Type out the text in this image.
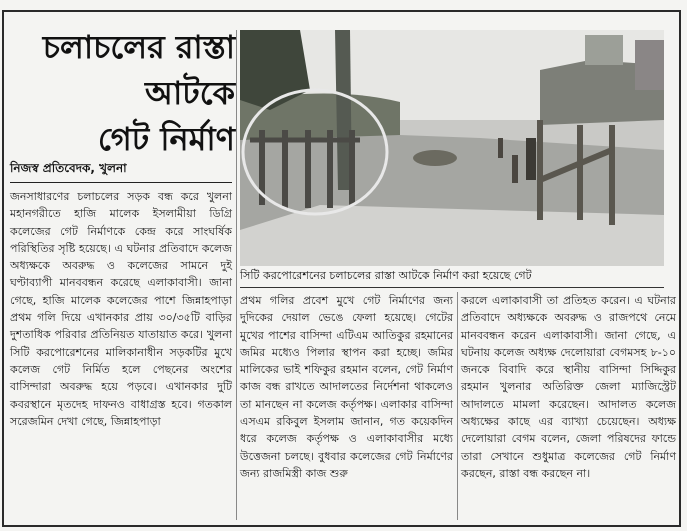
চলাচলের রাস্তা
আটকে
গেট নির্মাণ
নিজস্ব প্রতিবেদক, খুলনা
সিটি করপোরেশনের চলাচলের রাস্তা আটকে নির্মাণ করা হয়েছে গেট

জনসাধারণের চলাচলের সড়ক বন্ধ করে খুলনা মহানগরীতে হাজি মালেক ইসলামীয়া ডিগ্রি কলেজের গেট নির্মাণকে কেন্দ্র করে সাংঘর্ষিক পরিস্থিতির সৃষ্টি হয়েছে। এ ঘটনার প্রতিবাদে কলেজ অধ্যক্ষকে অবরুদ্ধ ও কলেজের সামনে দুই ঘণ্টাব্যাপী মানববন্ধন করেছে এলাকাবাসী। জানা গেছে, হাজি মালেক কলেজের পাশে জিন্নাহপাড়া প্রথম গলি দিয়ে এখানকার প্রায় ৩০/৩৫টি বাড়ির দুশতাধিক পরিবার প্রতিনিয়ত যাতায়াত করে। খুলনা সিটি করপোরেশনের মালিকানাধীন সড়কটির মুখে কলেজ গেট নির্মিত হলে পেছনের অংশের বাসিন্দারা অবরুদ্ধ হয়ে পড়বে। এখানকার দুটি কবরস্থানে মৃতদেহ দাফনও বাধাগ্রস্ত হবে। গতকাল সরেজমিন দেখা গেছে, জিন্নাহপাড়া

প্রথম গলির প্রবেশ মুখে গেট নির্মাণের জন্য দুদিকের দেয়াল ভেঙে ফেলা হয়েছে। গেটের মুখের পাশের বাসিন্দা এটিএম আতিকুর রহমানের জমির মধ্যেও পিলার স্থাপন করা হচ্ছে। জমির মালিকের ভাই শফিকুর রহমান বলেন, গেট নির্মাণ কাজ বন্ধ রাখতে আদালতের নির্দেশনা থাকলেও তা মানছেন না কলেজ কর্তৃপক্ষ। এলাকার বাসিন্দা এসএম রকিবুল ইসলাম জানান, গত কয়েকদিন ধরে কলেজ কর্তৃপক্ষ ও এলাকাবাসীর মধ্যে উত্তেজনা চলছে। বুধবার কলেজের গেট নির্মাণের জন্য রাজমিস্ত্রী কাজ শুরু

করলে এলাকাবাসী তা প্রতিহত করেন। এ ঘটনার প্রতিবাদে অধ্যক্ষকে অবরুদ্ধ ও রাজপথে নেমে মানববন্ধন করেন এলাকাবাসী। জানা গেছে, এ ঘটনায় কলেজ অধ্যক্ষ দেলোয়ারা বেগমসহ ৮-১০ জনকে বিবাদি করে স্থানীয় বাসিন্দা সিদ্দিকুর রহমান খুলনার অতিরিক্ত জেলা ম্যাজিস্ট্রেট আদালতে মামলা করেছেন। আদালত কলেজ অধ্যক্ষের কাছে এর ব্যাখ্যা চেয়েছেন। অধ্যক্ষ দেলোয়ারা বেগম বলেন, জেলা পরিষদের ফান্ডে তারা সেখানে শুধুমাত্র কলেজের গেট নির্মাণ করছেন, রাস্তা বন্ধ করছেন না।
